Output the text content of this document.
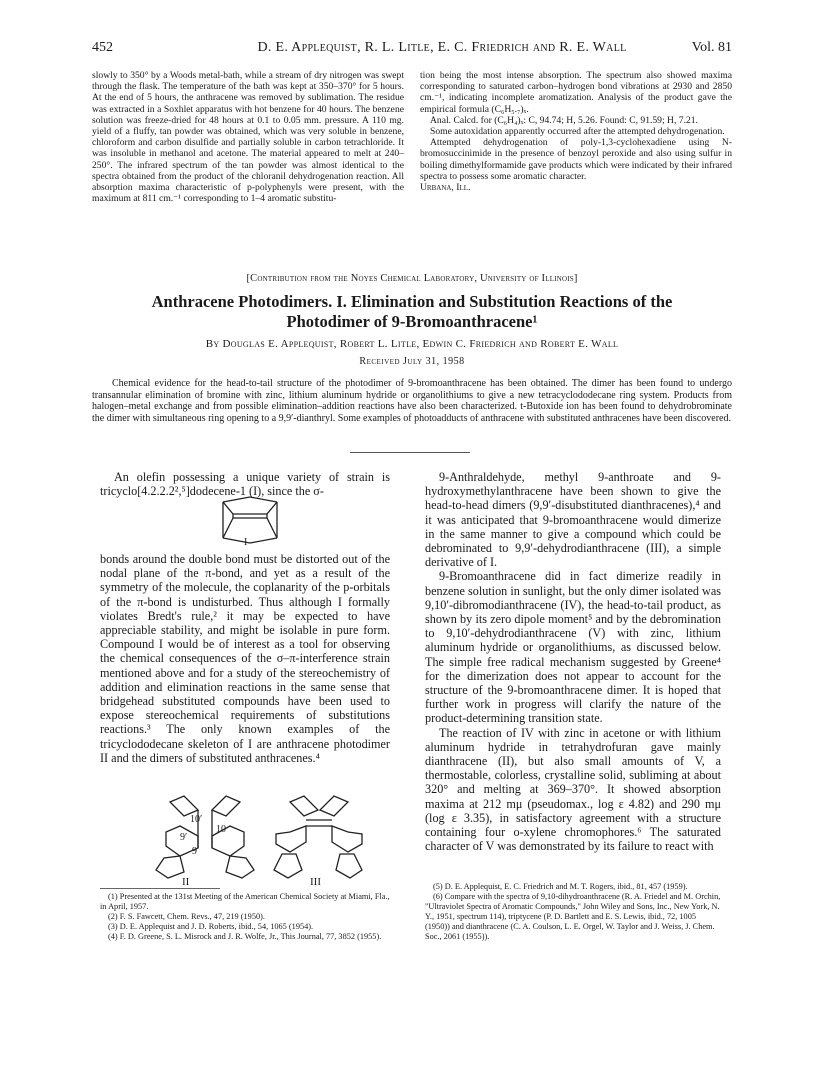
452	D. E. Applequist, R. L. Litle, E. C. Friedrich and R. E. Wall	Vol. 81

slowly to 350° by a Woods metal-bath, while a stream of dry nitrogen was swept through the flask. The temperature of the bath was kept at 350–370° for 5 hours. At the end of 5 hours, the anthracene was removed by sublimation. The residue was extracted in a Soxhlet apparatus with hot benzene for 40 hours. The benzene solution was freeze-dried for 48 hours at 0.1 to 0.05 mm. pressure. A 110 mg. yield of a fluffy, tan powder was obtained, which was very soluble in benzene, chloroform and carbon disulfide and partially soluble in carbon tetrachloride. It was insoluble in methanol and acetone. The material appeared to melt at 240–250°. The infrared spectrum of the tan powder was almost identical to the spectra obtained from the product of the chloranil dehydrogenation reaction. All absorption maxima characteristic of p-polyphenyls were present, with the maximum at 811 cm.⁻¹ corresponding to 1–4 aromatic substitu-

tion being the most intense absorption. The spectrum also showed maxima corresponding to saturated carbon–hydrogen bond vibrations at 2930 and 2850 cm.⁻¹, indicating incomplete aromatization. Analysis of the product gave the empirical formula (C₆H₅.₇)ₓ.

Anal. Calcd. for (C₆H₄)ₓ: C, 94.74; H, 5.26. Found: C, 91.59; H, 7.21.

Some autoxidation apparently occurred after the attempted dehydrogenation.

Attempted dehydrogenation of poly-1,3-cyclohexadiene using N-bromosuccinimide in the presence of benzoyl peroxide and also using sulfur in boiling dimethylformamide gave products which were indicated by their infrared spectra to possess some aromatic character.

Urbana, Ill.

[Contribution from the Noyes Chemical Laboratory, University of Illinois]
Anthracene Photodimers. I. Elimination and Substitution Reactions of the
Photodimer of 9-Bromoanthracene¹
By Douglas E. Applequist, Robert L. Litle, Edwin C. Friedrich and Robert E. Wall
Received July 31, 1958
Chemical evidence for the head-to-tail structure of the photodimer of 9-bromoanthracene has been obtained. The dimer has been found to undergo transannular elimination of bromine with zinc, lithium aluminum hydride or organolithiums to give a new tetracyclododecane ring system. Products from halogen–metal exchange and from possible elimination–addition reactions have also been characterized. t-Butoxide ion has been found to dehydrobrominate the dimer with simultaneous ring opening to a 9,9′-dianthryl. Some examples of photoadducts of anthracene with substituted anthracenes have been discovered.

An olefin possessing a unique variety of strain is tricyclo[4.2.2.2²,⁵]dodecene-1 (I), since the σ-

I

bonds around the double bond must be distorted out of the nodal plane of the π-bond, and yet as a result of the symmetry of the molecule, the coplanarity of the p-orbitals of the π-bond is undisturbed. Thus although I formally violates Bredt's rule,² it may be expected to have appreciable stability, and might be isolable in pure form. Compound I would be of interest as a tool for observing the chemical consequences of the σ–π-interference strain mentioned above and for a study of the stereochemistry of addition and elimination reactions in the same sense that bridgehead substituted compounds have been used to expose stereochemical requirements of substitutions reactions.³ The only known examples of the tricyclododecane skeleton of I are anthracene photodimer II and the dimers of substituted anthracenes.⁴

10′
9′
10
9
II	III

9-Anthraldehyde, methyl 9-anthroate and 9-hydroxymethylanthracene have been shown to give the head-to-head dimers (9,9′-disubstituted dianthracenes),⁴ and it was anticipated that 9-bromoanthracene would dimerize in the same manner to give a compound which could be debrominated to 9,9′-dehydrodianthracene (III), a simple derivative of I.

9-Bromoanthracene did in fact dimerize readily in benzene solution in sunlight, but the only dimer isolated was 9,10′-dibromodianthracene (IV), the head-to-tail product, as shown by its zero dipole moment⁵ and by the debromination to 9,10′-dehydrodianthracene (V) with zinc, lithium aluminum hydride or organolithiums, as discussed below. The simple free radical mechanism suggested by Greene⁴ for the dimerization does not appear to account for the structure of the 9-bromoanthracene dimer. It is hoped that further work in progress will clarify the nature of the product-determining transition state.

The reaction of IV with zinc in acetone or with lithium aluminum hydride in tetrahydrofuran gave mainly dianthracene (II), but also small amounts of V, a thermostable, colorless, crystalline solid, subliming at about 320° and melting at 369–370°. It showed absorption maxima at 212 mμ (pseudomax., log ε 4.82) and 290 mμ (log ε 3.35), in satisfactory agreement with a structure containing four o-xylene chromophores.⁶ The saturated character of V was demonstrated by its failure to react with

(1) Presented at the 131st Meeting of the American Chemical Society at Miami, Fla., in April, 1957.

(2) F. S. Fawcett, Chem. Revs., 47, 219 (1950).

(3) D. E. Applequist and J. D. Roberts, ibid., 54, 1065 (1954).

(4) F. D. Greene, S. L. Misrock and J. R. Wolfe, Jr., This Journal, 77, 3852 (1955).

(5) D. E. Applequist, E. C. Friedrich and M. T. Rogers, ibid., 81, 457 (1959).

(6) Compare with the spectra of 9,10-dihydroanthracene (R. A. Friedel and M. Orchin, "Ultraviolet Spectra of Aromatic Compounds," John Wiley and Sons, Inc., New York, N. Y., 1951, spectrum 114), triptycene (P. D. Bartlett and E. S. Lewis, ibid., 72, 1005 (1950)) and dianthracene (C. A. Coulson, L. E. Orgel, W. Taylor and J. Weiss, J. Chem. Soc., 2061 (1955)).
